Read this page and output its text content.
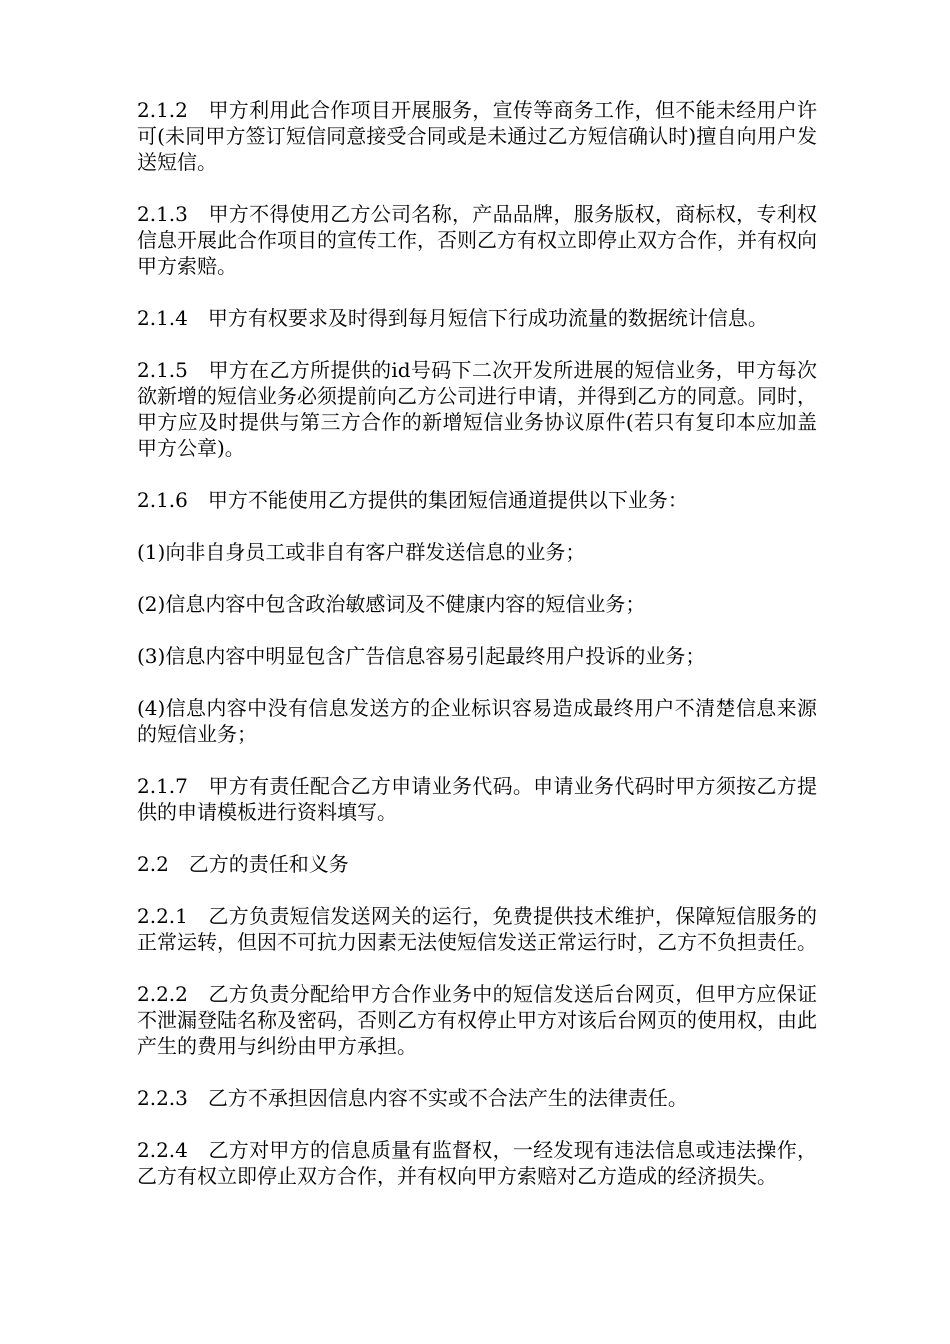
2.1.2　甲方利用此合作项目开展服务，宣传等商务工作，但不能未经用户许可(未同甲方签订短信同意接受合同或是未通过乙方短信确认时)擅自向用户发送短信。

2.1.3　甲方不得使用乙方公司名称，产品品牌，服务版权，商标权，专利权信息开展此合作项目的宣传工作，否则乙方有权立即停止双方合作，并有权向甲方索赔。

2.1.4　甲方有权要求及时得到每月短信下行成功流量的数据统计信息。

2.1.5　甲方在乙方所提供的id号码下二次开发所进展的短信业务，甲方每次欲新增的短信业务必须提前向乙方公司进行申请，并得到乙方的同意。同时，甲方应及时提供与第三方合作的新增短信业务协议原件(若只有复印本应加盖甲方公章)。

2.1.6　甲方不能使用乙方提供的集团短信通道提供以下业务：

(1)向非自身员工或非自有客户群发送信息的业务；

(2)信息内容中包含政治敏感词及不健康内容的短信业务；

(3)信息内容中明显包含广告信息容易引起最终用户投诉的业务；

(4)信息内容中没有信息发送方的企业标识容易造成最终用户不清楚信息来源的短信业务；

2.1.7　甲方有责任配合乙方申请业务代码。申请业务代码时甲方须按乙方提供的申请模板进行资料填写。

2.2　乙方的责任和义务

2.2.1　乙方负责短信发送网关的运行，免费提供技术维护，保障短信服务的正常运转，但因不可抗力因素无法使短信发送正常运行时，乙方不负担责任。

2.2.2　乙方负责分配给甲方合作业务中的短信发送后台网页，但甲方应保证不泄漏登陆名称及密码，否则乙方有权停止甲方对该后台网页的使用权，由此产生的费用与纠纷由甲方承担。

2.2.3　乙方不承担因信息内容不实或不合法产生的法律责任。

2.2.4　乙方对甲方的信息质量有监督权，一经发现有违法信息或违法操作，乙方有权立即停止双方合作，并有权向甲方索赔对乙方造成的经济损失。
